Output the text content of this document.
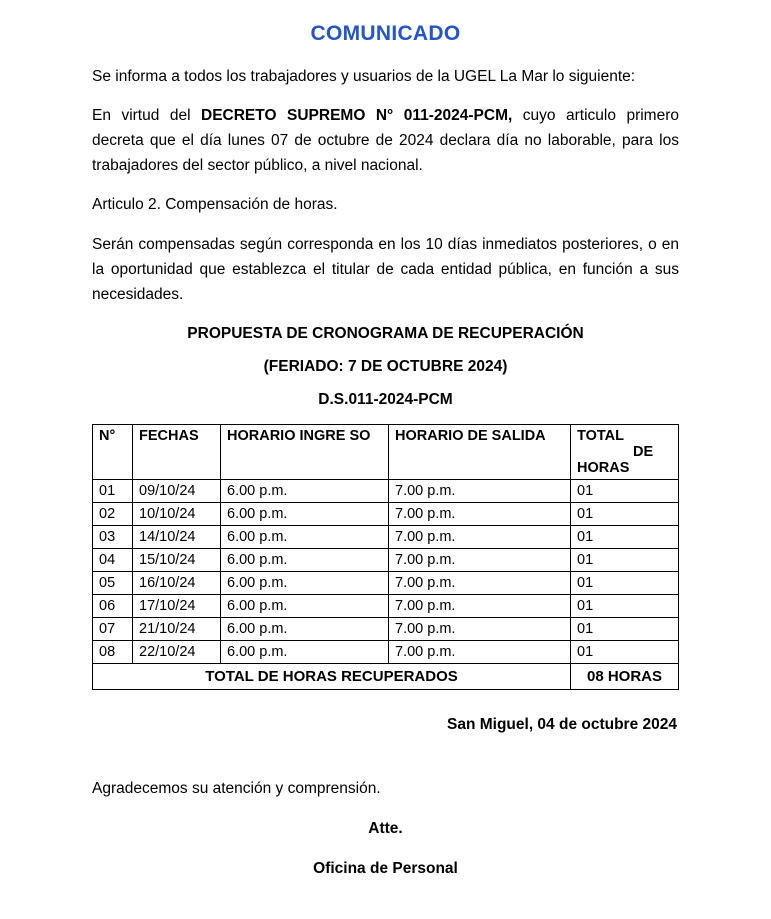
COMUNICADO

Se informa a todos los trabajadores y usuarios de la UGEL La Mar lo siguiente:

En virtud del DECRETO SUPREMO N° 011-2024-PCM, cuyo articulo primero decreta que el día lunes 07 de octubre de 2024 declara día no laborable, para los trabajadores del sector público, a nivel nacional.

Articulo 2. Compensación de horas.

Serán compensadas según corresponda en los 10 días inmediatos posteriores, o en la oportunidad que establezca el titular de cada entidad pública, en función a sus necesidades.

PROPUESTA DE CRONOGRAMA DE RECUPERACIÓN
(FERIADO: 7 DE OCTUBRE 2024)
D.S.011-2024-PCM
N°	FECHAS	HORARIO INGRE SO	HORARIO DE SALIDA	TOTALDE
HORAS
01	09/10/24	6.00 p.m.	7.00 p.m.	01
02	10/10/24	6.00 p.m.	7.00 p.m.	01
03	14/10/24	6.00 p.m.	7.00 p.m.	01
04	15/10/24	6.00 p.m.	7.00 p.m.	01
05	16/10/24	6.00 p.m.	7.00 p.m.	01
06	17/10/24	6.00 p.m.	7.00 p.m.	01
07	21/10/24	6.00 p.m.	7.00 p.m.	01
08	22/10/24	6.00 p.m.	7.00 p.m.	01
TOTAL DE HORAS RECUPERADOS				08 HORAS
San Miguel, 04 de octubre 2024
Agradecemos su atención y comprensión.
Atte.
Oficina de Personal
